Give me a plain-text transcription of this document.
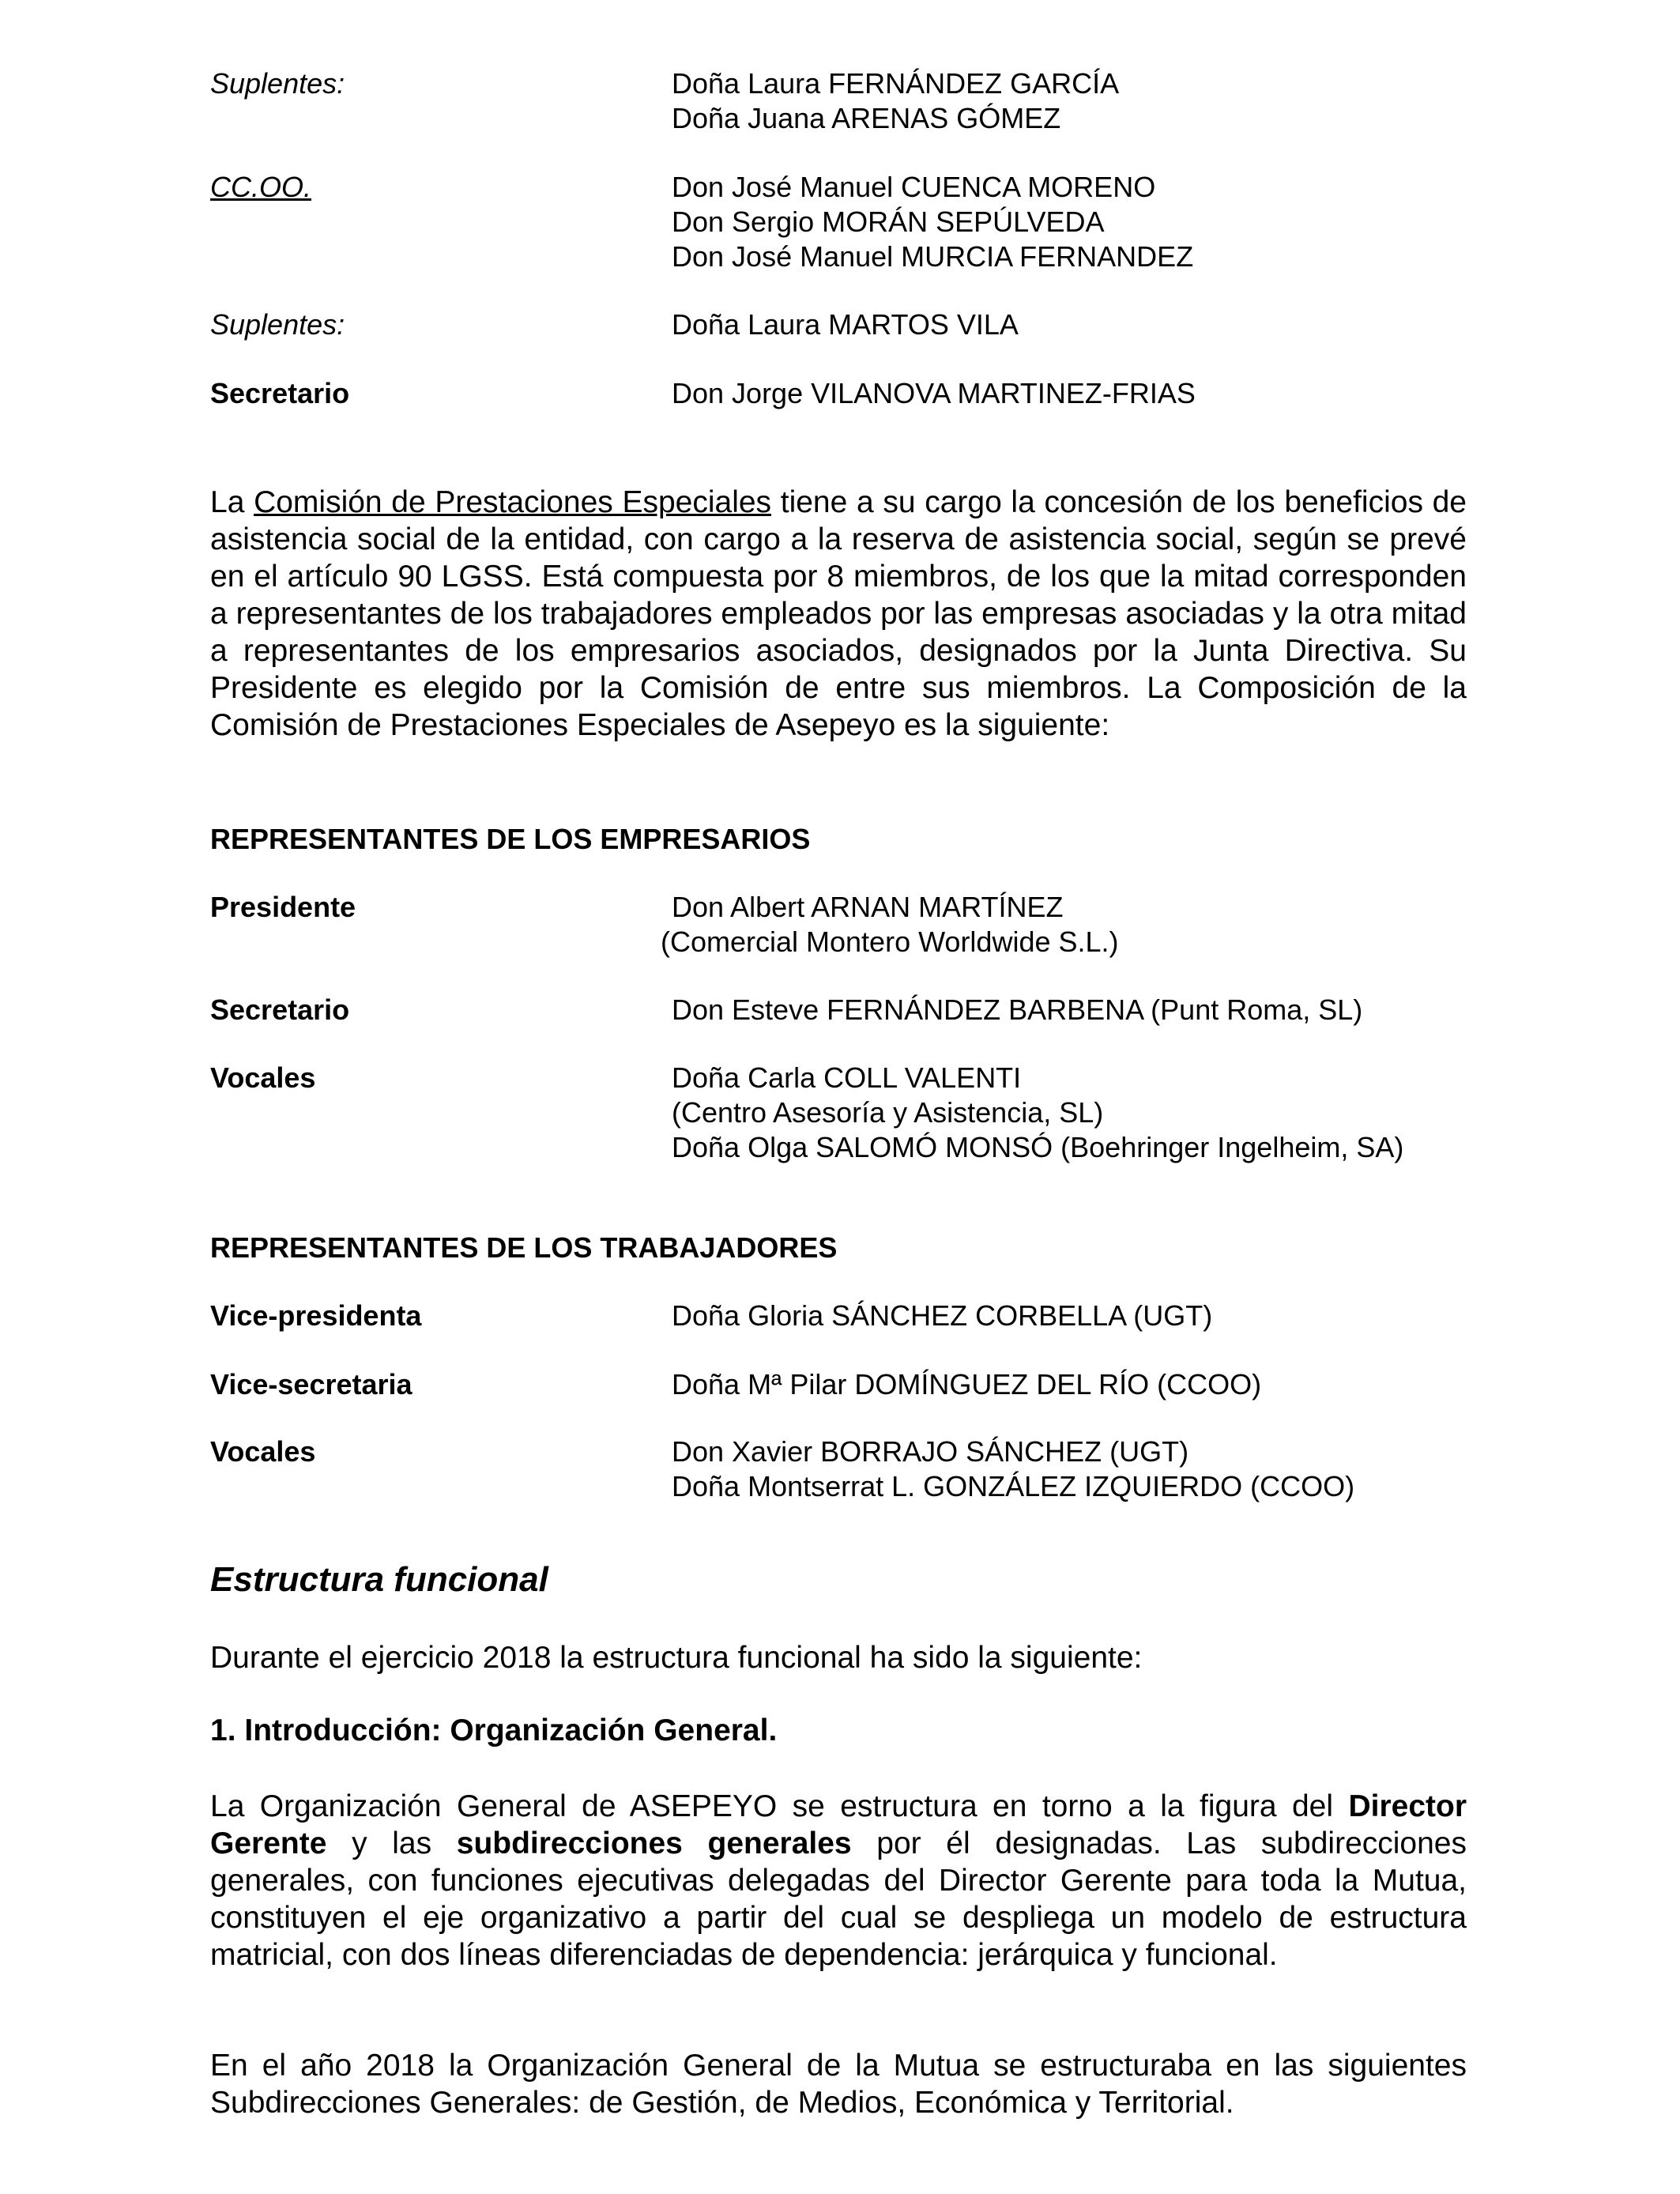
Suplentes:	Doña Laura FERNÁNDEZ GARCÍA
Doña Juana ARENAS GÓMEZ
CC.OO.	Don José Manuel CUENCA MORENO
Don Sergio MORÁN SEPÚLVEDA
Don José Manuel MURCIA FERNANDEZ
Suplentes:	Doña Laura MARTOS VILA
Secretario	Don Jorge VILANOVA MARTINEZ-FRIAS

La Comisión de Prestaciones Especiales tiene a su cargo la concesión de los beneficios de asistencia social de la entidad, con cargo a la reserva de asistencia social, según se prevé en el artículo 90 LGSS. Está compuesta por 8 miembros, de los que la mitad corresponden a representantes de los trabajadores empleados por las empresas asociadas y la otra mitad a representantes de los empresarios asociados, designados por la Junta Directiva. Su Presidente es elegido por la Comisión de entre sus miembros. La Composición de la Comisión de Prestaciones Especiales de Asepeyo es la siguiente:

REPRESENTANTES DE LOS EMPRESARIOS
Presidente	Don Albert ARNAN MARTÍNEZ
(Comercial Montero Worldwide S.L.)
Secretario	Don Esteve FERNÁNDEZ BARBENA (Punt Roma, SL)
Vocales	Doña Carla COLL VALENTI
(Centro Asesoría y Asistencia, SL)
Doña Olga SALOMÓ MONSÓ (Boehringer Ingelheim, SA)
REPRESENTANTES DE LOS TRABAJADORES
Vice-presidenta	Doña Gloria SÁNCHEZ CORBELLA (UGT)
Vice-secretaria	Doña Mª Pilar DOMÍNGUEZ DEL RÍO (CCOO)
Vocales	Don Xavier BORRAJO SÁNCHEZ (UGT)
Doña Montserrat L. GONZÁLEZ IZQUIERDO (CCOO)
Estructura funcional
Durante el ejercicio 2018 la estructura funcional ha sido la siguiente:
1. Introducción: Organización General.

La Organización General de ASEPEYO se estructura en torno a la figura del Director Gerente y las subdirecciones generales por él designadas. Las subdirecciones generales, con funciones ejecutivas delegadas del Director Gerente para toda la Mutua, constituyen el eje organizativo a partir del cual se despliega un modelo de estructura matricial, con dos líneas diferenciadas de dependencia: jerárquica y funcional.

En el año 2018 la Organización General de la Mutua se estructuraba en las siguientes Subdirecciones Generales: de Gestión, de Medios, Económica y Territorial.
